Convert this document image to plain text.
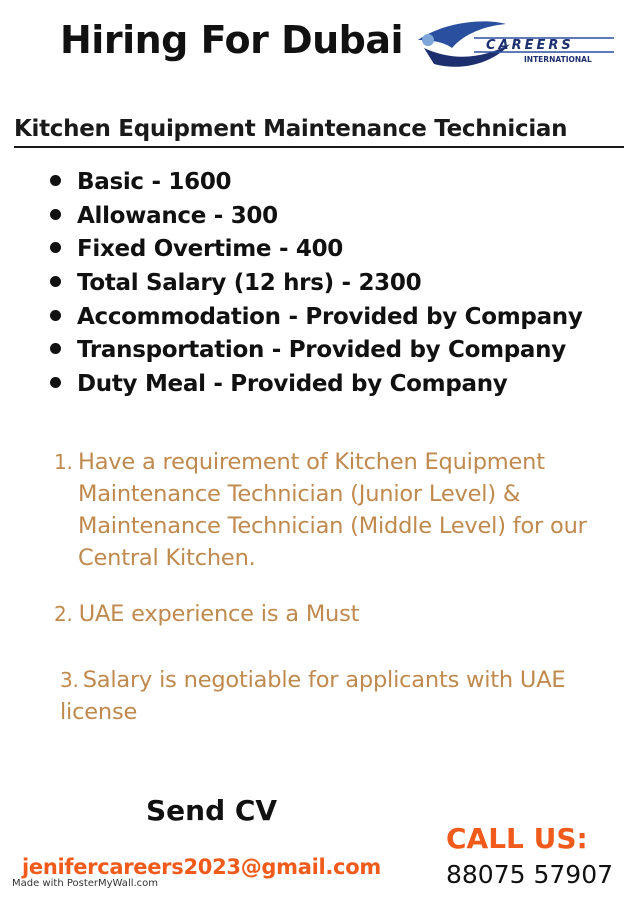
Hiring For Dubai	CAREERS
INTERNATIONAL
Kitchen Equipment Maintenance Technician
Basic - 1600
Allowance - 300
Fixed Overtime - 400
Total Salary (12 hrs) - 2300
Accommodation - Provided by Company
Transportation - Provided by Company
Duty Meal - Provided by Company
1. Have a requirement of Kitchen Equipment Maintenance Technician (Junior Level) & Maintenance Technician (Middle Level) for our Central Kitchen.
2. UAE experience is a Must
3. Salary is negotiable for applicants with UAE license
Send CV
jenifercareers2023@gmail.com
Made with PosterMyWall.com
CALL US:
88075 57907
